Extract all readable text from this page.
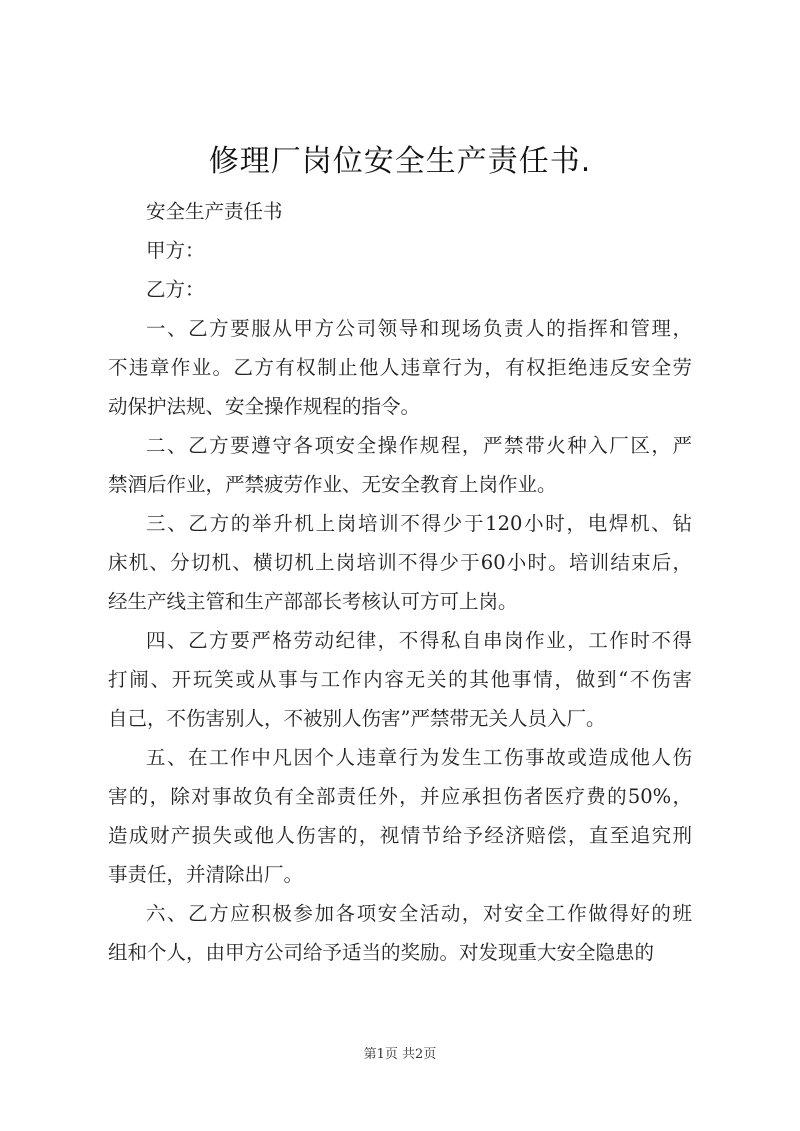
修理厂岗位安全生产责任书.
安全生产责任书
甲方：
乙方：
一、乙方要服从甲方公司领导和现场负责人的指挥和管理，
不违章作业。乙方有权制止他人违章行为，有权拒绝违反安全劳
动保护法规、安全操作规程的指令。
二、乙方要遵守各项安全操作规程，严禁带火种入厂区，严
禁酒后作业，严禁疲劳作业、无安全教育上岗作业。
三、乙方的举升机上岗培训不得少于120小时，电焊机、钻
床机、分切机、横切机上岗培训不得少于60小时。培训结束后，
经生产线主管和生产部部长考核认可方可上岗。
四、乙方要严格劳动纪律，不得私自串岗作业，工作时不得
打闹、开玩笑或从事与工作内容无关的其他事情，做到“不伤害
自己，不伤害别人，不被别人伤害”严禁带无关人员入厂。
五、在工作中凡因个人违章行为发生工伤事故或造成他人伤
害的，除对事故负有全部责任外，并应承担伤者医疗费的50%，
造成财产损失或他人伤害的，视情节给予经济赔偿，直至追究刑
事责任，并清除出厂。
六、乙方应积极参加各项安全活动，对安全工作做得好的班
组和个人，由甲方公司给予适当的奖励。对发现重大安全隐患的
第1页 共2页
